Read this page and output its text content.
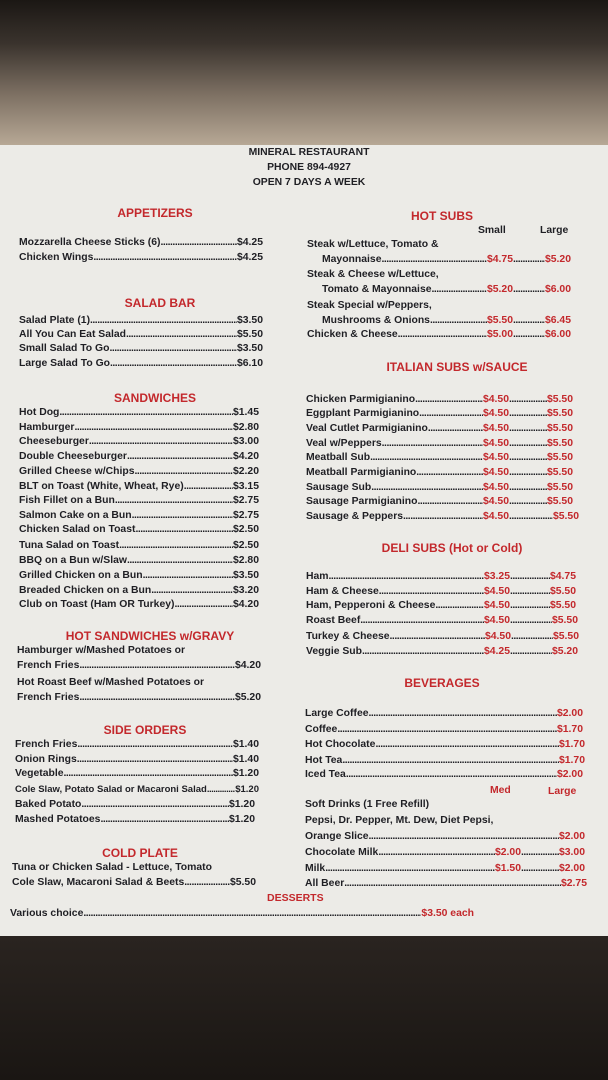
MINERAL RESTAURANT
PHONE 894-4927
OPEN 7 DAYS A WEEK
APPETIZERS
Mozzarella Cheese Sticks (6) .....	$4.25
Chicken Wings .....	$4.25
SALAD BAR
Salad Plate (1) .....	$3.50
All You Can Eat Salad .....	$5.50
Small Salad To Go .....	$3.50
Large Salad To Go .....	$6.10
SANDWICHES
Hot Dog .....	$1.45
Hamburger .....	$2.80
Cheeseburger .....	$3.00
Double Cheeseburger .....	$4.20
Grilled Cheese w/Chips .....	$2.20
BLT on Toast (White, Wheat, Rye) .....	$3.15
Fish Fillet on a Bun .....	$2.75
Salmon Cake on a Bun .....	$2.75
Chicken Salad on Toast .....	$2.50
Tuna Salad on Toast .....	$2.50
BBQ on a Bun w/Slaw .....	$2.80
Grilled Chicken on a Bun .....	$3.50
Breaded Chicken on a Bun .....	$3.20
Club on Toast (Ham OR Turkey) .....	$4.20
HOT SANDWICHES w/GRAVY
Hamburger w/Mashed Potatoes or
French Fries .....	$4.20
Hot Roast Beef w/Mashed Potatoes or
French Fries .....	$5.20
SIDE ORDERS
French Fries .....	$1.40
Onion Rings .....	$1.40
Vegetable .....	$1.20
Cole Slaw, Potato Salad or Macaroni Salad .....	$1.20
Baked Potato .....	$1.20
Mashed Potatoes .....	$1.20
COLD PLATE
Tuna or Chicken Salad - Lettuce, Tomato
Cole Slaw, Macaroni Salad & Beets .....	$5.50
DESSERTS
Various choice .....	$3.50 each
HOT SUBS
Small	Large
Steak w/Lettuce, Tomato &
Mayonnaise .....	$4.75 .....	$5.20
Steak & Cheese w/Lettuce,
Tomato & Mayonnaise .....	$5.20 .....	$6.00
Steak Special w/Peppers,
Mushrooms & Onions .....	$5.50 .....	$6.45
Chicken & Cheese .....	$5.00 .....	$6.00
ITALIAN SUBS w/SAUCE
Chicken Parmigianino .....	$4.50 .....	$5.50
Eggplant Parmigianino .....	$4.50 .....	$5.50
Veal Cutlet Parmigianino .....	$4.50 .....	$5.50
Veal w/Peppers .....	$4.50 .....	$5.50
Meatball Sub .....	$4.50 .....	$5.50
Meatball Parmigianino .....	$4.50 .....	$5.50
Sausage Sub .....	$4.50 .....	$5.50
Sausage Parmigianino .....	$4.50 .....	$5.50
Sausage & Peppers .....	$4.50 .....	$5.50
DELI SUBS (Hot or Cold)
Ham .....	$3.25 .....	$4.75
Ham & Cheese .....	$4.50 .....	$5.50
Ham, Pepperoni & Cheese .....	$4.50 .....	$5.50
Roast Beef .....	$4.50 .....	$5.50
Turkey & Cheese .....	$4.50 .....	$5.50
Veggie Sub .....	$4.25 .....	$5.20
BEVERAGES
Large Coffee .....	$2.00
Coffee .....	$1.70
Hot Chocolate .....	$1.70
Hot Tea .....	$1.70
Iced Tea .....	$2.00
Med	Large
Soft Drinks (1 Free Refill)
Pepsi, Dr. Pepper, Mt. Dew, Diet Pepsi,
Orange Slice .....	$2.00
Chocolate Milk .....	$2.00 .....	$3.00
Milk .....	$1.50 .....	$2.00
All Beer .....	$2.75
